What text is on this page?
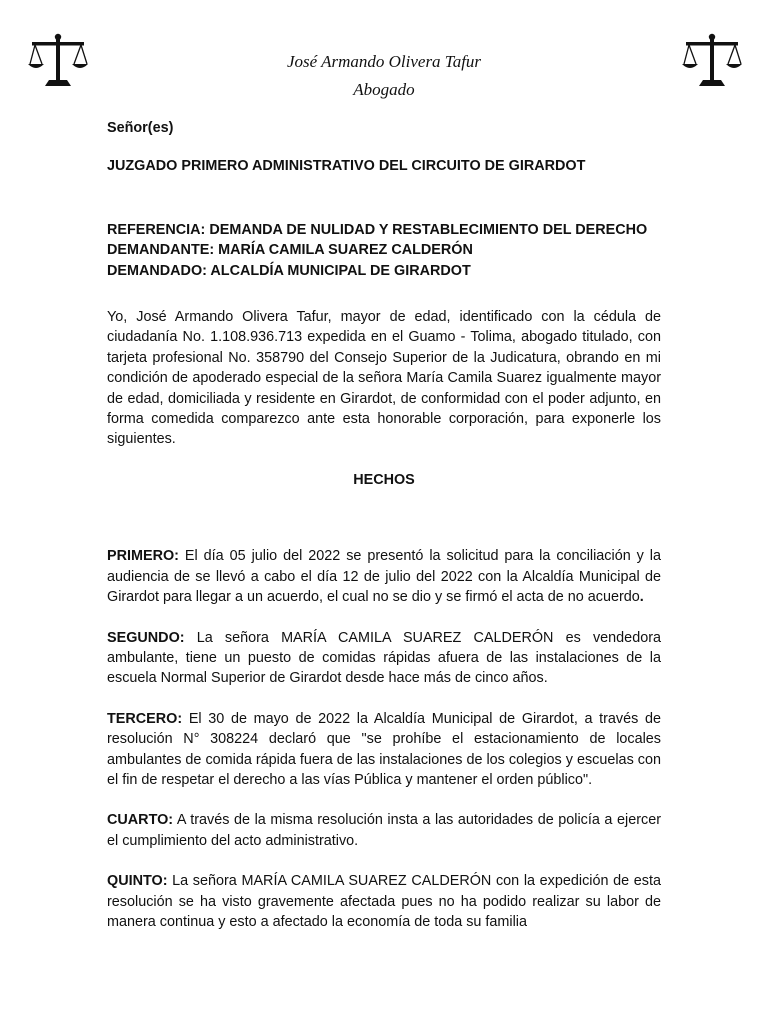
José Armando Olivera Tafur
Abogado

Señor(es)

JUZGADO PRIMERO ADMINISTRATIVO DEL CIRCUITO DE GIRARDOT

REFERENCIA: DEMANDA DE NULIDAD Y RESTABLECIMIENTO DEL DERECHO

DEMANDANTE: MARÍA CAMILA SUAREZ CALDERÓN

DEMANDADO: ALCALDÍA MUNICIPAL DE GIRARDOT

Yo, José Armando Olivera Tafur, mayor de edad, identificado con la cédula de ciudadanía No. 1.108.936.713 expedida en el Guamo - Tolima, abogado titulado, con tarjeta profesional No. 358790 del Consejo Superior de la Judicatura, obrando en mi condición de apoderado especial de la señora María Camila Suarez igualmente mayor de edad, domiciliada y residente en Girardot, de conformidad con el poder adjunto, en forma comedida comparezco ante esta honorable corporación, para exponerle los siguientes.

HECHOS

PRIMERO: El día 05 julio del 2022 se presentó la solicitud para la conciliación y la audiencia de se llevó a cabo el día 12 de julio del 2022 con la Alcaldía Municipal de Girardot para llegar a un acuerdo, el cual no se dio y se firmó el acta de no acuerdo.

SEGUNDO: La señora MARÍA CAMILA SUAREZ CALDERÓN es vendedora ambulante, tiene un puesto de comidas rápidas afuera de las instalaciones de la escuela Normal Superior de Girardot desde hace más de cinco años.

TERCERO: El 30 de mayo de 2022 la Alcaldía Municipal de Girardot, a través de resolución N° 308224 declaró que "se prohíbe el estacionamiento de locales ambulantes de comida rápida fuera de las instalaciones de los colegios y escuelas con el fin de respetar el derecho a las vías Pública y mantener el orden público".

CUARTO: A través de la misma resolución insta a las autoridades de policía a ejercer el cumplimiento del acto administrativo.

QUINTO: La señora MARÍA CAMILA SUAREZ CALDERÓN con la expedición de esta resolución se ha visto gravemente afectada pues no ha podido realizar su labor de manera continua y esto a afectado la economía de toda su familia
